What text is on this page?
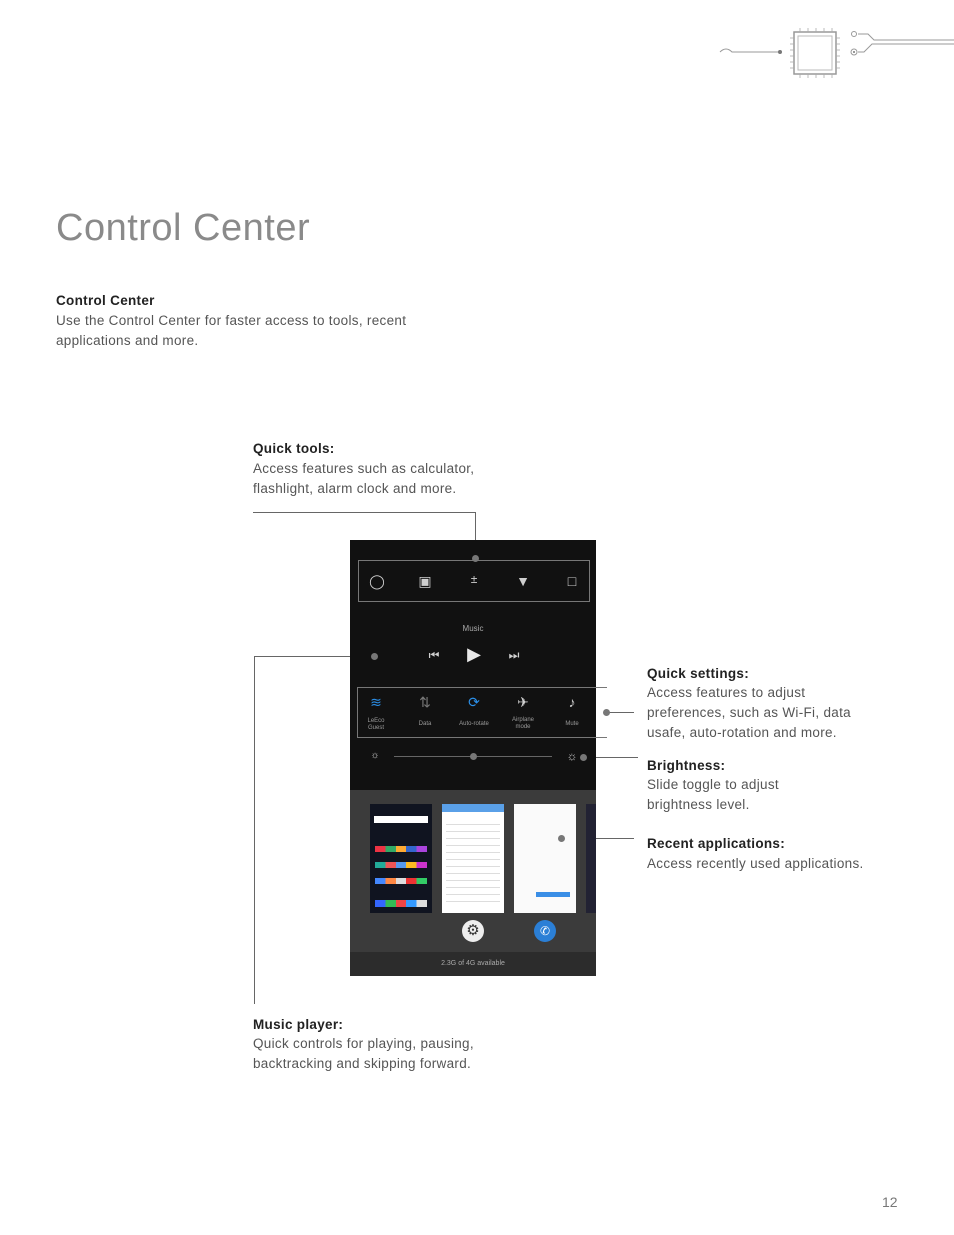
Control Center
Control Center
Use the Control Center for faster access to tools, recent
applications and more.
Quick tools:
Access features such as calculator,
flashlight, alarm clock and more.
Quick settings:
Access features to adjust
preferences, such as Wi-Fi, data
usafe, auto-rotation and more.
Brightness:
Slide toggle to adjust
brightness level.
Recent applications:
Access recently used applications.
Music player:
Quick controls for playing, pausing,
backtracking and skipping forward.
◯	▣	±	▼	□
Music
⏮	▶	⏭
≋
LeEco
Guest
⇅
Data
⟳
Auto-rotate
✈
Airplane
mode
♪
Mute
☼	☼
⚙	✆
2.3G of 4G available
12
